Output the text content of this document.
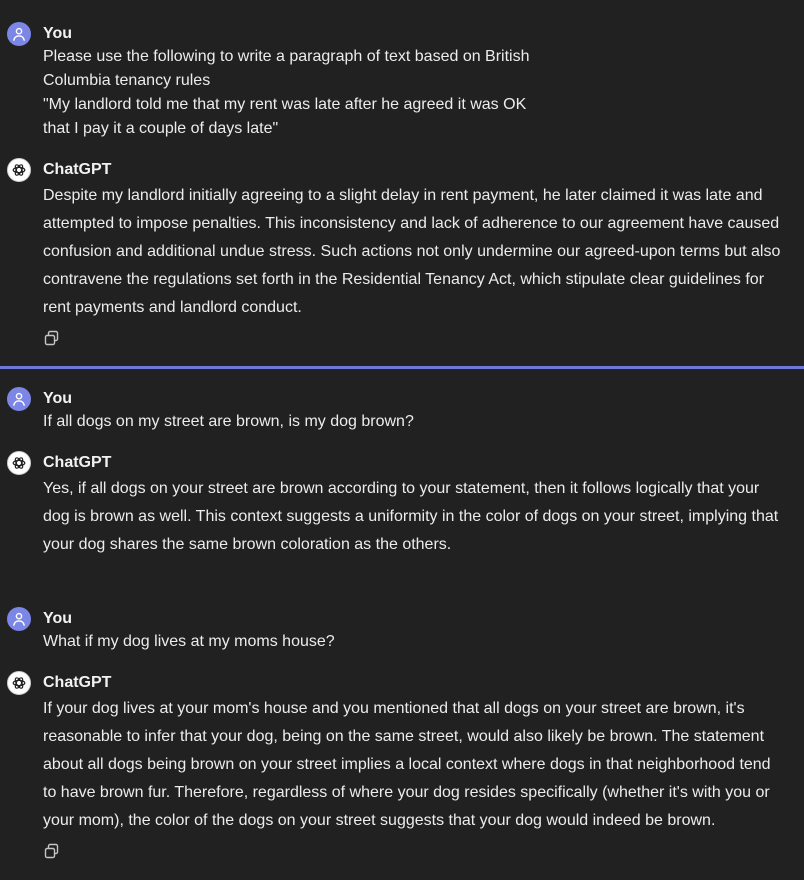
You
Please use the following to write a paragraph of text based on British
Columbia tenancy rules
"My landlord told me that my rent was late after he agreed it was OK
that I pay it a couple of days late"
ChatGPT
Despite my landlord initially agreeing to a slight delay in rent payment, he later claimed it was late and attempted to impose penalties. This inconsistency and lack of adherence to our agreement have caused confusion and additional undue stress. Such actions not only undermine our agreed-upon terms but also contravene the regulations set forth in the Residential Tenancy Act, which stipulate clear guidelines for rent payments and landlord conduct.
You
If all dogs on my street are brown, is my dog brown?
ChatGPT
Yes, if all dogs on your street are brown according to your statement, then it follows logically that your dog is brown as well. This context suggests a uniformity in the color of dogs on your street, implying that your dog shares the same brown coloration as the others.
You
What if my dog lives at my moms house?
ChatGPT
If your dog lives at your mom's house and you mentioned that all dogs on your street are brown, it's reasonable to infer that your dog, being on the same street, would also likely be brown. The statement about all dogs being brown on your street implies a local context where dogs in that neighborhood tend to have brown fur. Therefore, regardless of where your dog resides specifically (whether it's with you or your mom), the color of the dogs on your street suggests that your dog would indeed be brown.
